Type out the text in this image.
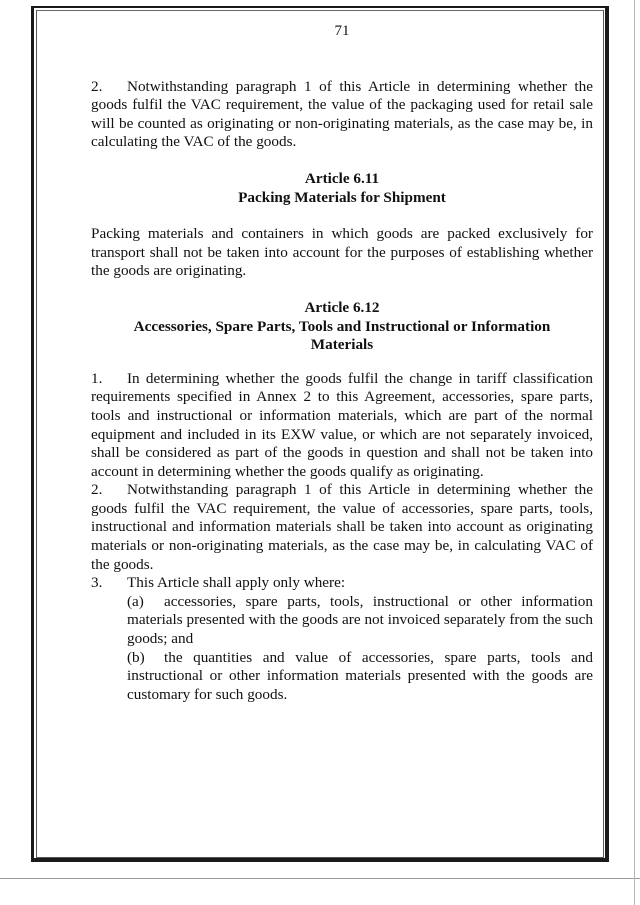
71

2. Notwithstanding paragraph 1 of this Article in determining whether the goods fulfil the VAC requirement, the value of the packaging used for retail sale will be counted as originating or non-originating materials, as the case may be, in calculating the VAC of the goods.

Article 6.11
Packing Materials for Shipment

Packing materials and containers in which goods are packed exclusively for transport shall not be taken into account for the purposes of establishing whether the goods are originating.

Article 6.12
Accessories, Spare Parts, Tools and Instructional or Information
Materials

1. In determining whether the goods fulfil the change in tariff classification requirements specified in Annex 2 to this Agreement, accessories, spare parts, tools and instructional or information materials, which are part of the normal equipment and included in its EXW value, or which are not separately invoiced, shall be considered as part of the goods in question and shall not be taken into account in determining whether the goods qualify as originating.

2. Notwithstanding paragraph 1 of this Article in determining whether the goods fulfil the VAC requirement, the value of accessories, spare parts, tools, instructional and information materials shall be taken into account as originating materials or non-originating materials, as the case may be, in calculating VAC of the goods.

3. This Article shall apply only where:

(a) accessories, spare parts, tools, instructional or other information materials presented with the goods are not invoiced separately from the such goods; and

(b) the quantities and value of accessories, spare parts, tools and instructional or other information materials presented with the goods are customary for such goods.
